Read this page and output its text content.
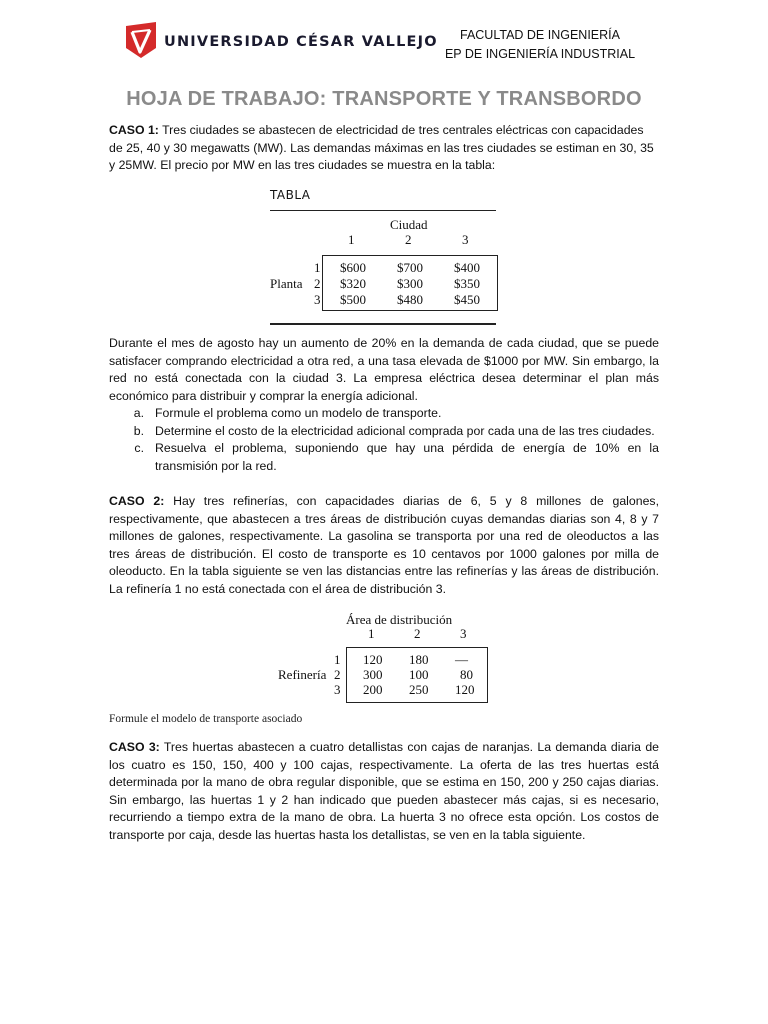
UNIVERSIDAD CÉSAR VALLEJO	FACULTAD DE INGENIERÍA
EP DE INGENIERÍA INDUSTRIAL
HOJA DE TRABAJO: TRANSPORTE Y TRANSBORDO
CASO 1: Tres ciudades se abastecen de electricidad de tres centrales eléctricas con capacidades de 25, 40 y 30 megawatts (MW). Las demandas máximas en las tres ciudades se estiman en 30, 35 y 25MW. El precio por MW en las tres ciudades se muestra en la tabla:
TABLA
Ciudad
1	2	3
Planta
1
2
3
$600 $700 $400
$320 $300 $350
$500 $480 $450
Durante el mes de agosto hay un aumento de 20% en la demanda de cada ciudad, que se puede satisfacer comprando electricidad a otra red, a una tasa elevada de $1000 por MW. Sin embargo, la red no está conectada con la ciudad 3. La empresa eléctrica desea determinar el plan más económico para distribuir y comprar la energía adicional.
a. Formule el problema como un modelo de transporte.
b. Determine el costo de la electricidad adicional comprada por cada una de las tres ciudades.
c. Resuelva el problema, suponiendo que hay una pérdida de energía de 10% en la transmisión por la red.
CASO 2: Hay tres refinerías, con capacidades diarias de 6, 5 y 8 millones de galones, respectivamente, que abastecen a tres áreas de distribución cuyas demandas diarias son 4, 8 y 7 millones de galones, respectivamente. La gasolina se transporta por una red de oleoductos a las tres áreas de distribución. El costo de transporte es 10 centavos por 1000 galones por milla de oleoducto. En la tabla siguiente se ven las distancias entre las refinerías y las áreas de distribución. La refinería 1 no está conectada con el área de distribución 3.
Área de distribución
1	2	3
Refinería
1
2
3
120 180 —
300 100 80
200 250 120
Formule el modelo de transporte asociado
CASO 3: Tres huertas abastecen a cuatro detallistas con cajas de naranjas. La demanda diaria de los cuatro es 150, 150, 400 y 100 cajas, respectivamente. La oferta de las tres huertas está determinada por la mano de obra regular disponible, que se estima en 150, 200 y 250 cajas diarias. Sin embargo, las huertas 1 y 2 han indicado que pueden abastecer más cajas, si es necesario, recurriendo a tiempo extra de la mano de obra. La huerta 3 no ofrece esta opción. Los costos de transporte por caja, desde las huertas hasta los detallistas, se ven en la tabla siguiente.
